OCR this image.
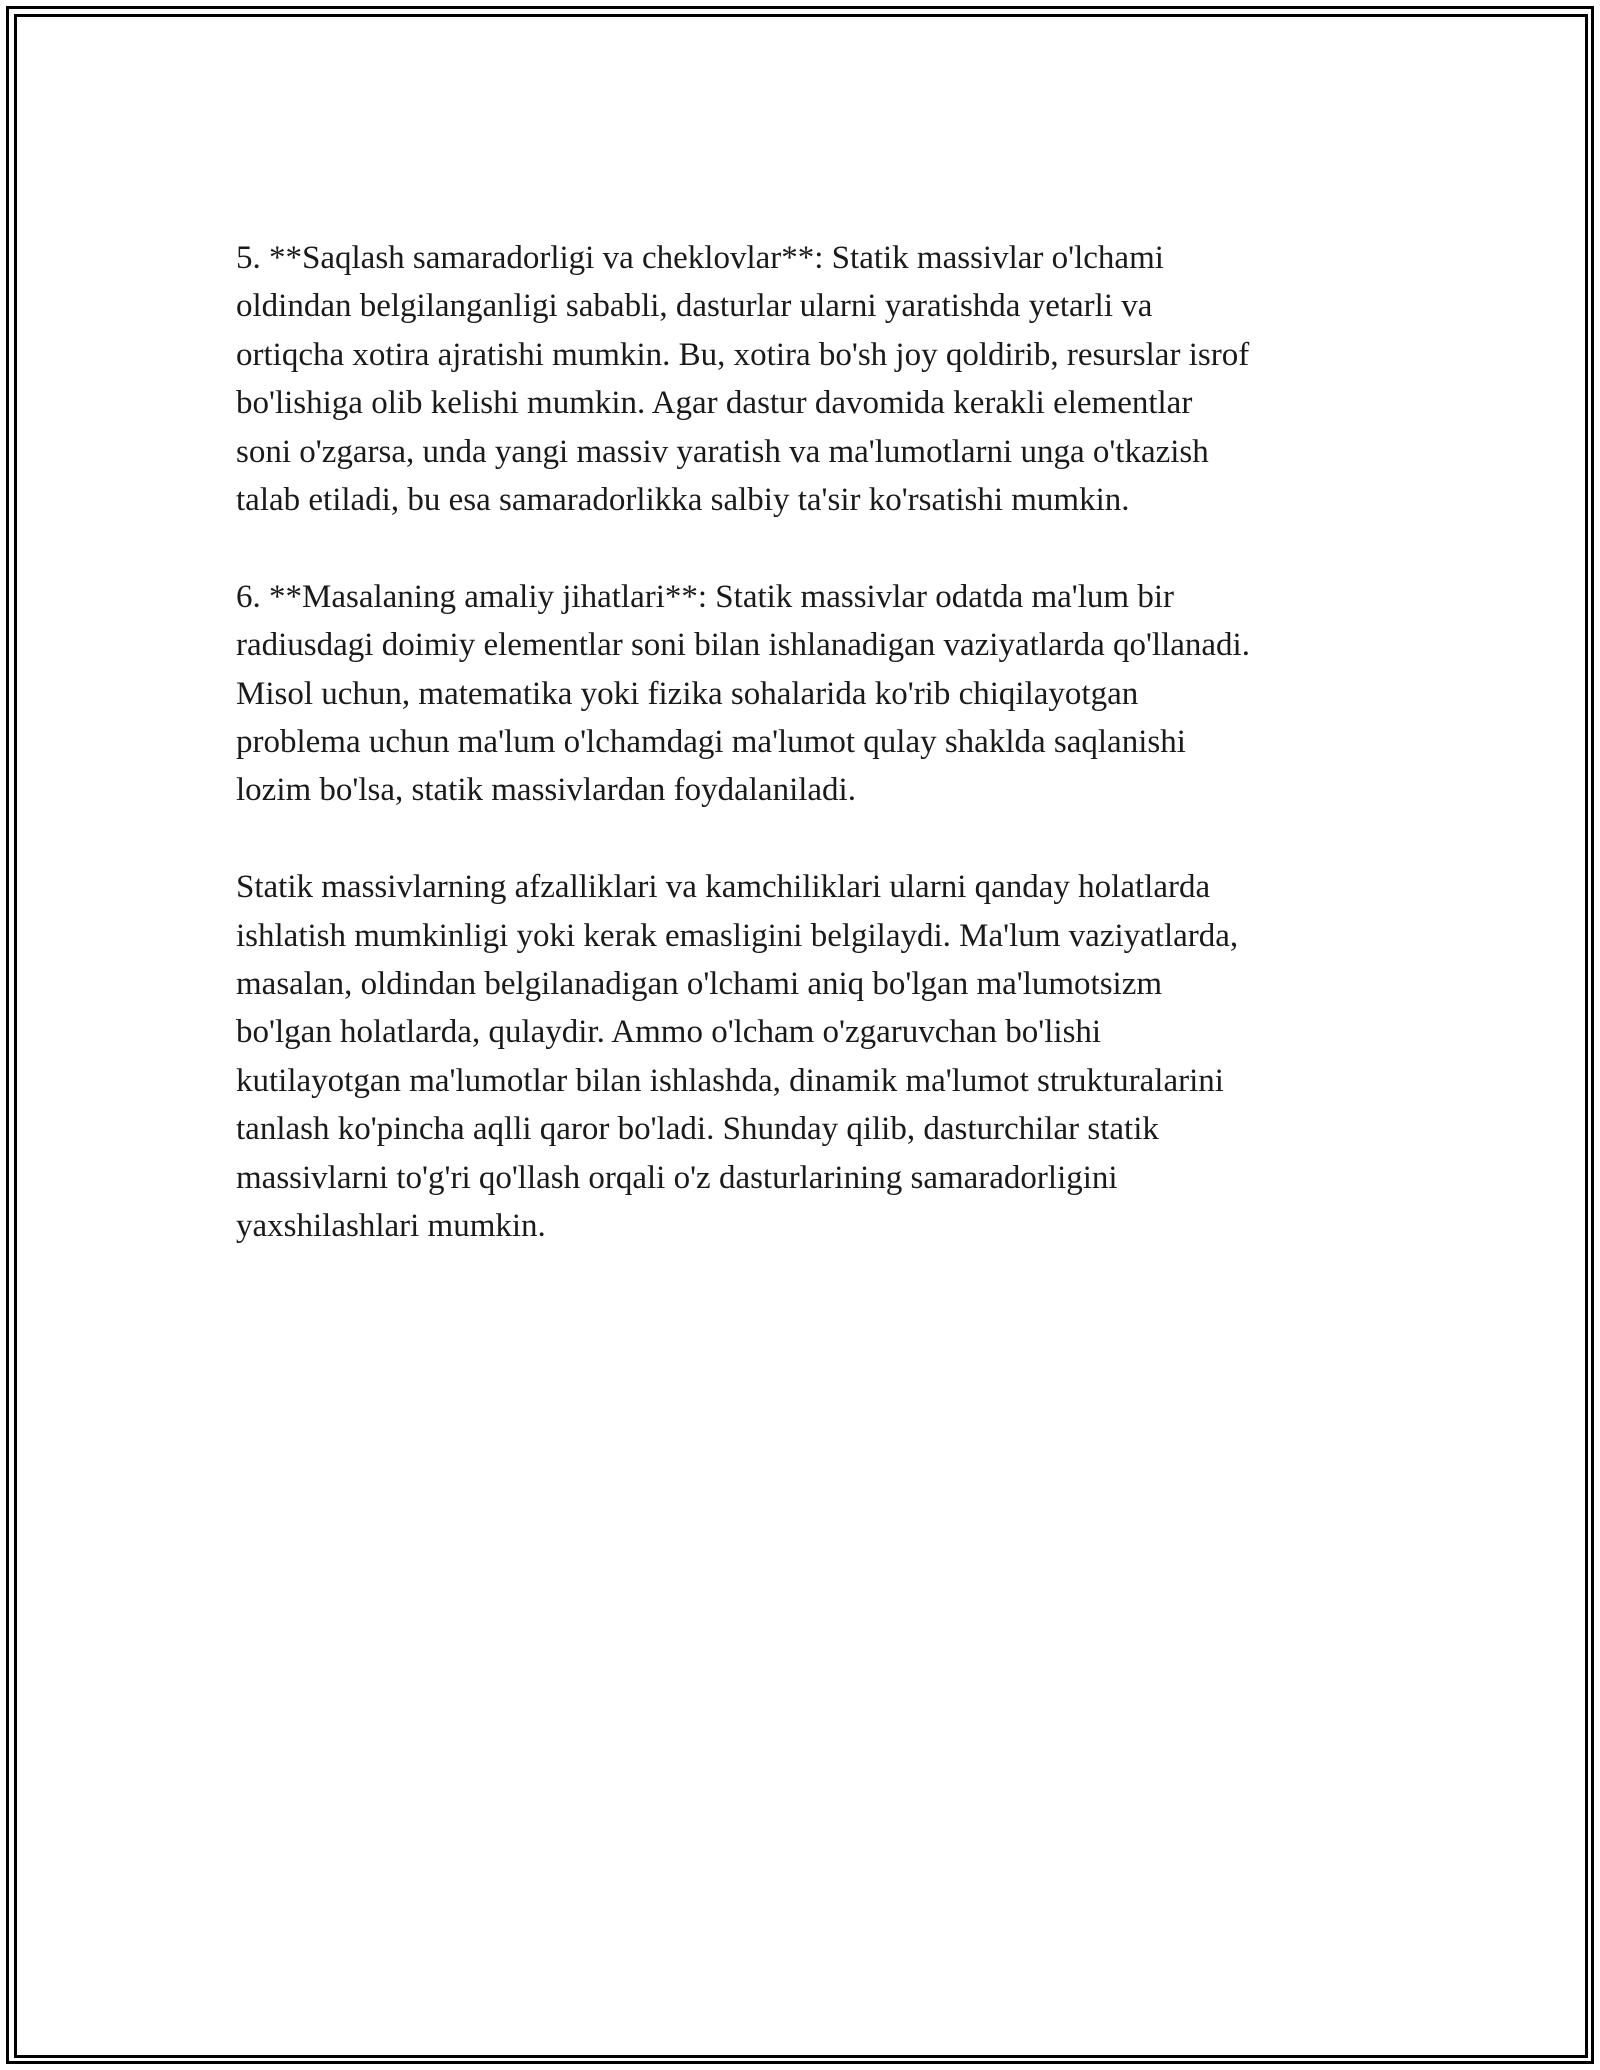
5. **Saqlash samaradorligi va cheklovlar**: Statik massivlar o'lchami
oldindan belgilanganligi sababli, dasturlar ularni yaratishda yetarli va
ortiqcha xotira ajratishi mumkin. Bu, xotira bo'sh joy qoldirib, resurslar isrof
bo'lishiga olib kelishi mumkin. Agar dastur davomida kerakli elementlar
soni o'zgarsa, unda yangi massiv yaratish va ma'lumotlarni unga o'tkazish
talab etiladi, bu esa samaradorlikka salbiy ta'sir ko'rsatishi mumkin.

6. **Masalaning amaliy jihatlari**: Statik massivlar odatda ma'lum bir
radiusdagi doimiy elementlar soni bilan ishlanadigan vaziyatlarda qo'llanadi.
Misol uchun, matematika yoki fizika sohalarida ko'rib chiqilayotgan
problema uchun ma'lum o'lchamdagi ma'lumot qulay shaklda saqlanishi
lozim bo'lsa, statik massivlardan foydalaniladi.

Statik massivlarning afzalliklari va kamchiliklari ularni qanday holatlarda
ishlatish mumkinligi yoki kerak emasligini belgilaydi. Ma'lum vaziyatlarda,
masalan, oldindan belgilanadigan o'lchami aniq bo'lgan ma'lumotsizm
bo'lgan holatlarda, qulaydir. Ammo o'lcham o'zgaruvchan bo'lishi
kutilayotgan ma'lumotlar bilan ishlashda, dinamik ma'lumot strukturalarini
tanlash ko'pincha aqlli qaror bo'ladi. Shunday qilib, dasturchilar statik
massivlarni to'g'ri qo'llash orqali o'z dasturlarining samaradorligini
yaxshilashlari mumkin.
